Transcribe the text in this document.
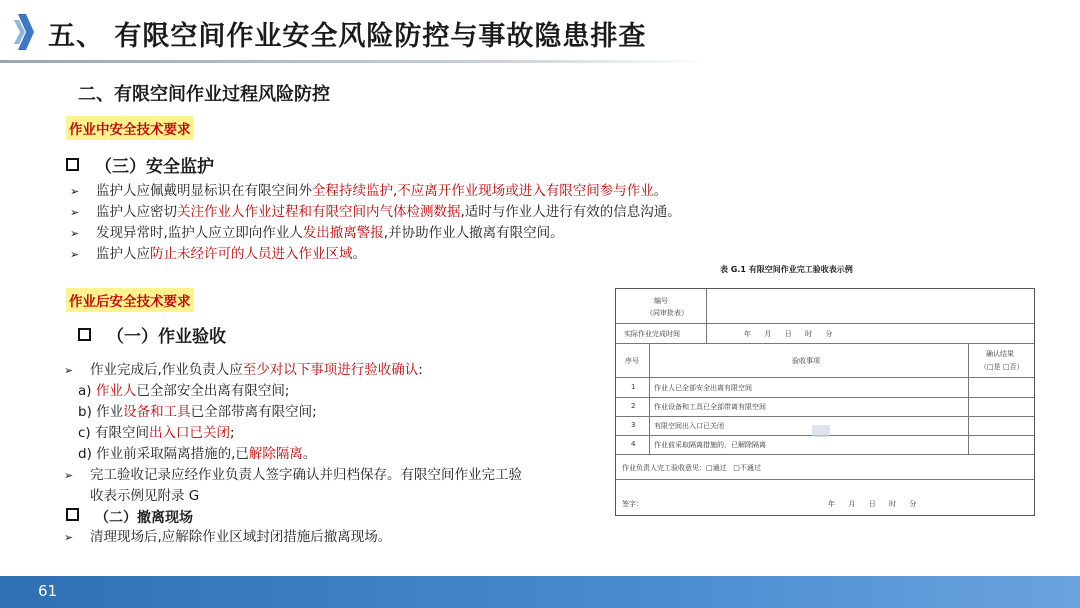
五、 有限空间作业安全风险防控与事故隐患排查
二、有限空间作业过程风险防控
作业中安全技术要求
（三）安全监护
➢ 监护人应佩戴明显标识在有限空间外全程持续监护,不应离开作业现场或进入有限空间参与作业。
➢ 监护人应密切关注作业人作业过程和有限空间内气体检测数据,适时与作业人进行有效的信息沟通。
➢ 发现异常时,监护人应立即向作业人发出撤离警报,并协助作业人撤离有限空间。
➢ 监护人应防止未经许可的人员进入作业区域。
作业后安全技术要求
（一）作业验收
➢ 作业完成后,作业负责人应至少对以下事项进行验收确认:
a) 作业人已全部安全出离有限空间;
b) 作业设备和工具已全部带离有限空间;
c) 有限空间出入口已关闭;
d) 作业前采取隔离措施的,已解除隔离。
➢ 完工验收记录应经作业负责人签字确认并归档保存。有限空间作业完工验
收表示例见附录 G
（二）撤离现场
➢ 清理现场后,应解除作业区域封闭措施后撤离现场。
表 G.1 有限空间作业完工验收表示例
编号
（同审批表）
实际作业完成时间	年      月      日      时      分
序号	验收事项
确认结果
（□是 □否）
1	作业人已全部安全出离有限空间
2	作业设备和工具已全部带离有限空间
3	有限空间出入口已关闭
4	作业前采取隔离措施的，已解除隔离
作业负责人完工验收意见：□通过   □不通过
签字：	年      月      日      时      分
61
